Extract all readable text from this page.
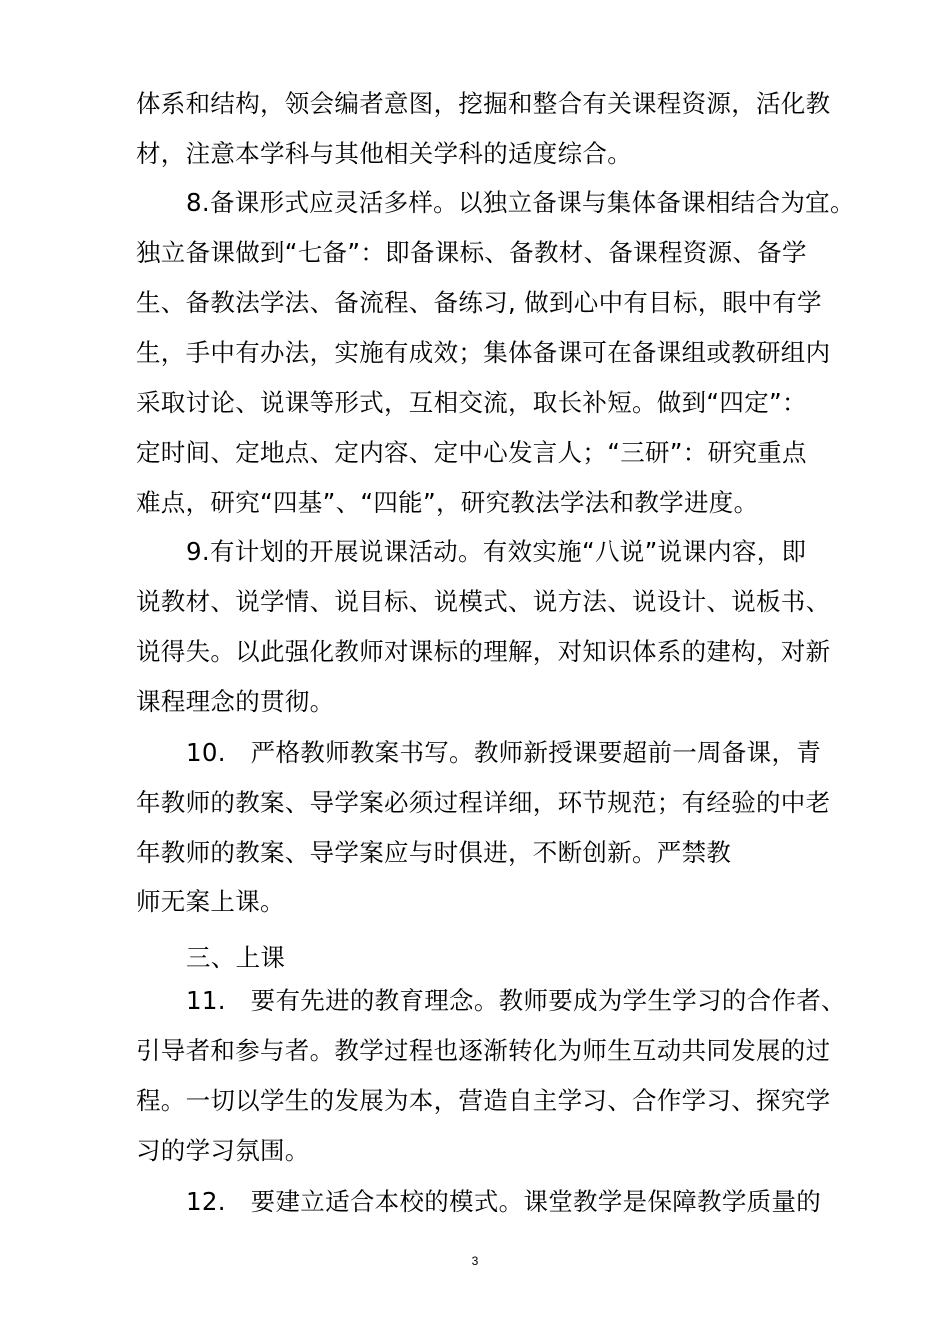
体系和结构，领会编者意图，挖掘和整合有关课程资源，活化教
材，注意本学科与其他相关学科的适度综合。
8.备课形式应灵活多样。以独立备课与集体备课相结合为宜。
独立备课做到“七备”：即备课标、备教材、备课程资源、备学
生、备教法学法、备流程、备练习, 做到心中有目标，眼中有学
生，手中有办法，实施有成效；集体备课可在备课组或教研组内
采取讨论、说课等形式，互相交流，取长补短。做到“四定”：
定时间、定地点、定内容、定中心发言人；“三研”：研究重点
难点，研究“四基”、“四能”，研究教法学法和教学进度。
9.有计划的开展说课活动。有效实施“八说”说课内容，即
说教材、说学情、说目标、说模式、说方法、说设计、说板书、
说得失。以此强化教师对课标的理解，对知识体系的建构，对新
课程理念的贯彻。
10.　严格教师教案书写。教师新授课要超前一周备课，青
年教师的教案、导学案必须过程详细，环节规范；有经验的中老
年教师的教案、导学案应与时俱进，不断创新。严禁教
师无案上课。
三、上课
11.　要有先进的教育理念。教师要成为学生学习的合作者、
引导者和参与者。教学过程也逐渐转化为师生互动共同发展的过
程。一切以学生的发展为本，营造自主学习、合作学习、探究学
习的学习氛围。
12.　要建立适合本校的模式。课堂教学是保障教学质量的
3
